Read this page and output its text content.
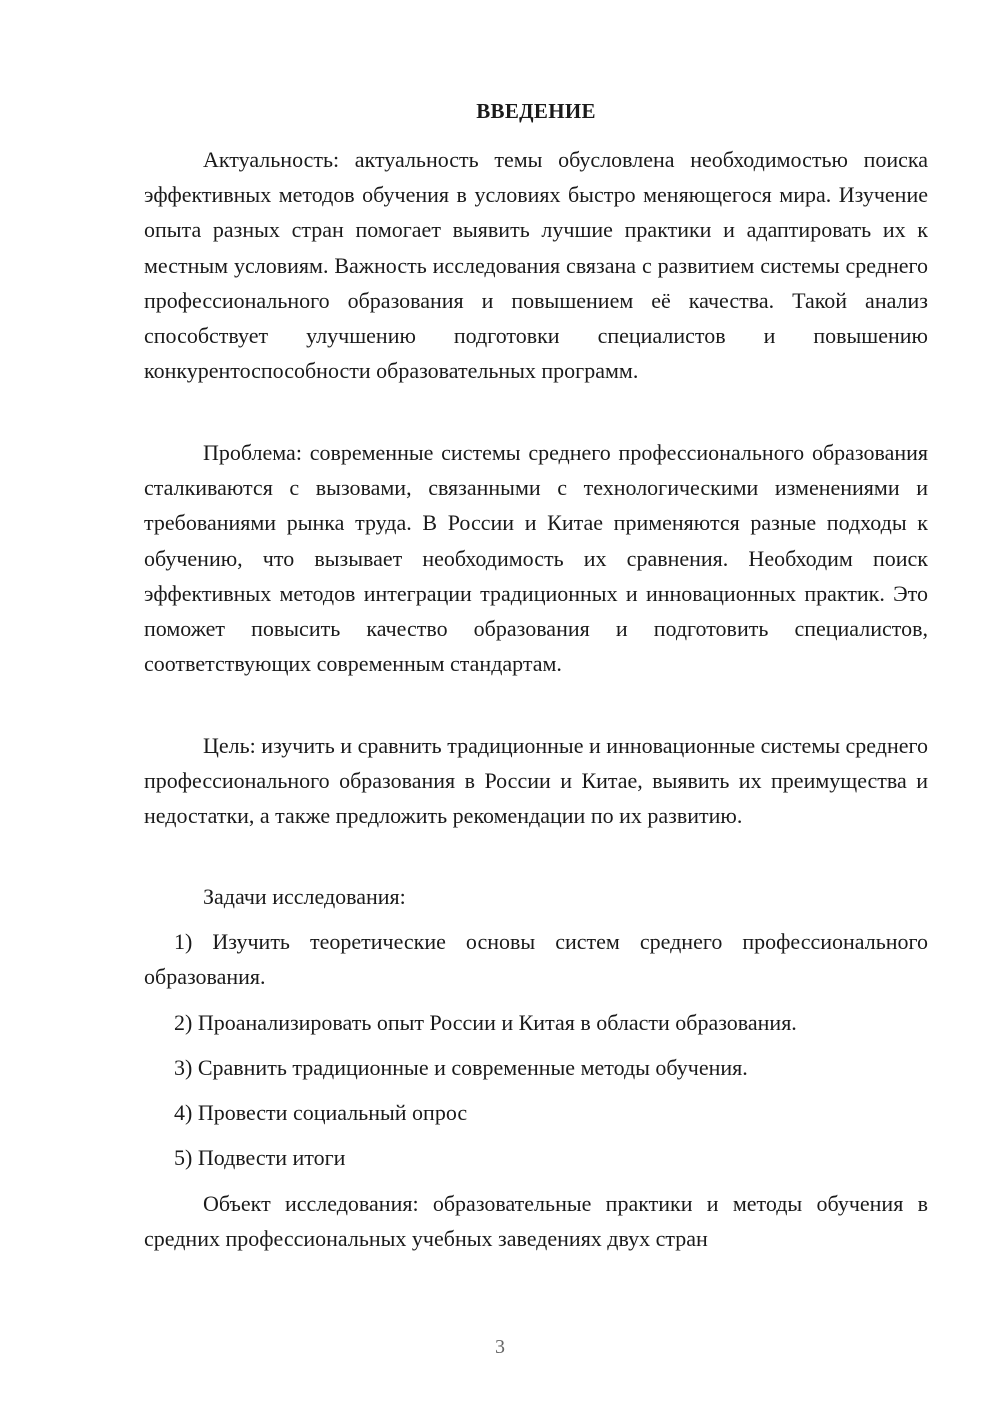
ВВЕДЕНИЕ

Актуальность: актуальность темы обусловлена необходимостью поиска эффективных методов обучения в условиях быстро меняющегося мира. Изучение опыта разных стран помогает выявить лучшие практики и адаптировать их к местным условиям. Важность исследования связана с развитием системы среднего профессионального образования и повышением её качества. Такой анализ способствует улучшению подготовки специалистов и повышению конкурентоспособности образовательных программ.

Проблема: современные системы среднего профессионального образования сталкиваются с вызовами, связанными с технологическими изменениями и требованиями рынка труда. В России и Китае применяются разные подходы к обучению, что вызывает необходимость их сравнения. Необходим поиск эффективных методов интеграции традиционных и инновационных практик. Это поможет повысить качество образования и подготовить специалистов, соответствующих современным стандартам.

Цель: изучить и сравнить традиционные и инновационные системы среднего профессионального образования в России и Китае, выявить их преимущества и недостатки, а также предложить рекомендации по их развитию.

Задачи исследования:

1) Изучить теоретические основы систем среднего профессионального образования.

2) Проанализировать опыт России и Китая в области образования.

3) Сравнить традиционные и современные методы обучения.

4) Провести социальный опрос

5) Подвести итоги

Объект исследования: образовательные практики и методы обучения в средних профессиональных учебных заведениях двух стран

3
